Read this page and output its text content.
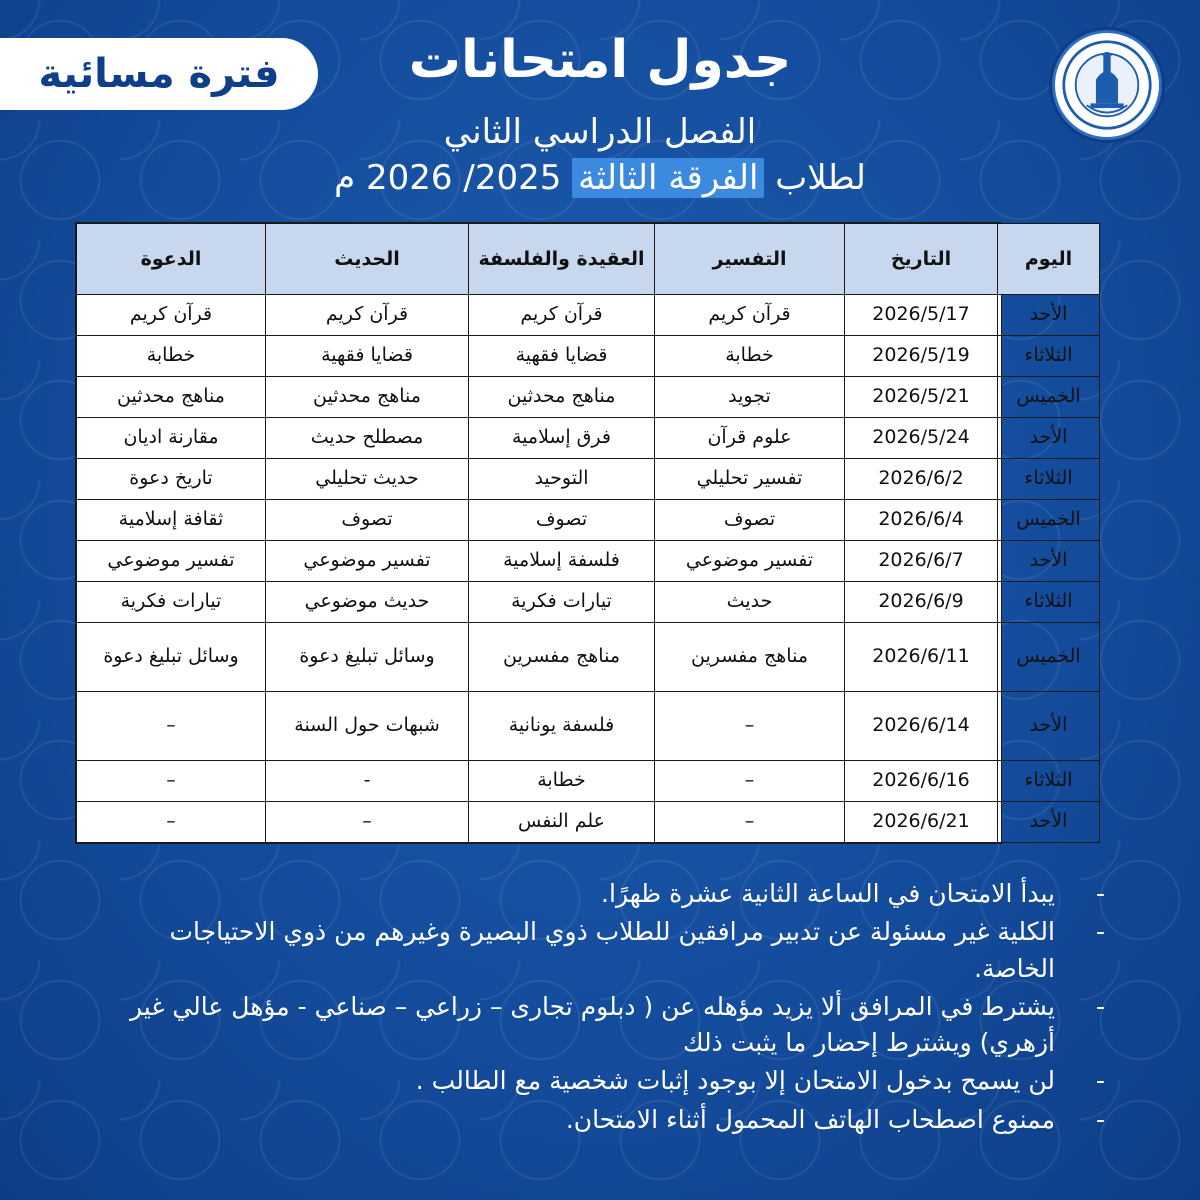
فترة مسائية	جدول امتحانات
الفصل الدراسي الثاني
لطلاب الفرقة الثالثة 2025/ 2026 م
اليوم	التاريخ	التفسير	العقيدة والفلسفة	الحديث	الدعوة
الأحد	2026/5/17	قرآن كريم	قرآن كريم	قرآن كريم	قرآن كريم
الثلاثاء	2026/5/19	خطابة	قضايا فقهية	قضايا فقهية	خطابة
الخميس	2026/5/21	تجويد	مناهج محدثين	مناهج محدثين	مناهج محدثين
الأحد	2026/5/24	علوم قرآن	فرق إسلامية	مصطلح حديث	مقارنة اديان
الثلاثاء	2026/6/2	تفسير تحليلي	التوحيد	حديث تحليلي	تاريخ دعوة
الخميس	2026/6/4	تصوف	تصوف	تصوف	ثقافة إسلامية
الأحد	2026/6/7	تفسير موضوعي	فلسفة إسلامية	تفسير موضوعي	تفسير موضوعي
الثلاثاء	2026/6/9	حديث	تيارات فكرية	حديث موضوعي	تيارات فكرية
الخميس	2026/6/11	مناهج مفسرين	مناهج مفسرين	وسائل تبليغ دعوة	وسائل تبليغ دعوة
الأحد	2026/6/14	–	فلسفة يونانية	شبهات حول السنة	–
الثلاثاء	2026/6/16	–	خطابة	-	–
الأحد	2026/6/21	–	علم النفس	–	–
- يبدأ الامتحان في الساعة الثانية عشرة ظهرًا.
- الكلية غير مسئولة عن تدبير مرافقين للطلاب ذوي البصيرة وغيرهم من ذوي الاحتياجات الخاصة.
- يشترط في المرافق ألا يزيد مؤهله عن ( دبلوم تجارى – زراعي – صناعي - مؤهل عالي غير أزهري) ويشترط إحضار ما يثبت ذلك
- لن يسمح بدخول الامتحان إلا بوجود إثبات شخصية مع الطالب .
- ممنوع اصطحاب الهاتف المحمول أثناء الامتحان.
